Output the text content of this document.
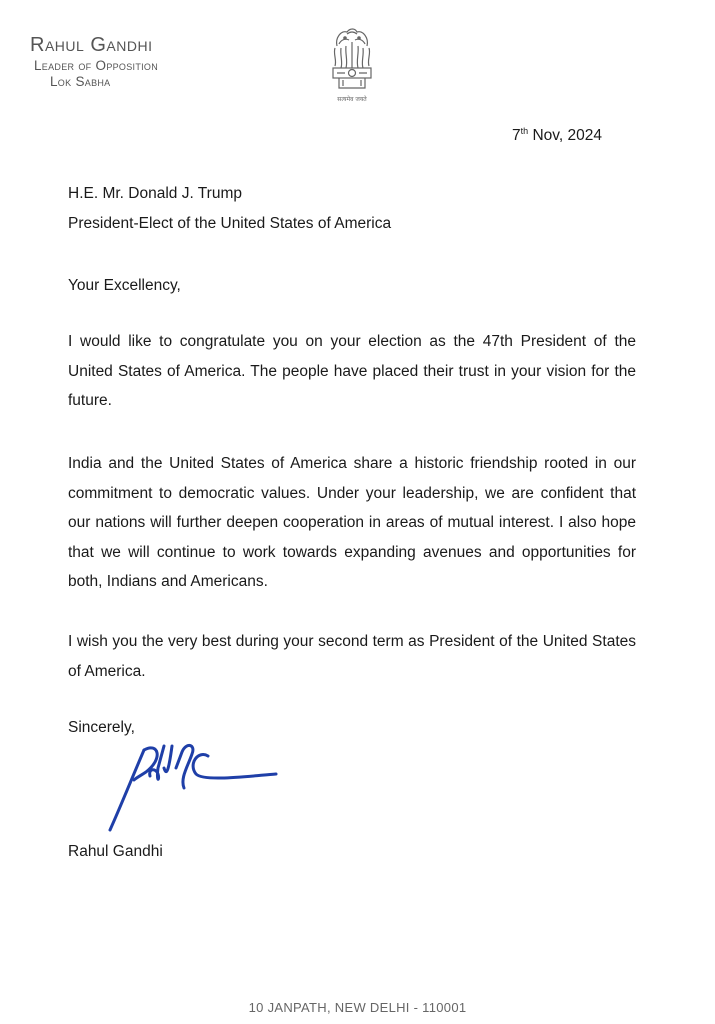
Rahul Gandhi
Leader of Opposition
Lok Sabha
सत्यमेव जयते
7th Nov, 2024
H.E. Mr. Donald J. Trump
President-Elect of the United States of America

Your Excellency,

I would like to congratulate you on your election as the 47th President of the United States of America. The people have placed their trust in your vision for the future.

India and the United States of America share a historic friendship rooted in our commitment to democratic values. Under your leadership, we are confident that our nations will further deepen cooperation in areas of mutual interest. I also hope that we will continue to work towards expanding avenues and opportunities for both, Indians and Americans.

I wish you the very best during your second term as President of the United States of America.

Sincerely,

Rahul Gandhi
10 JANPATH, NEW DELHI - 110001
